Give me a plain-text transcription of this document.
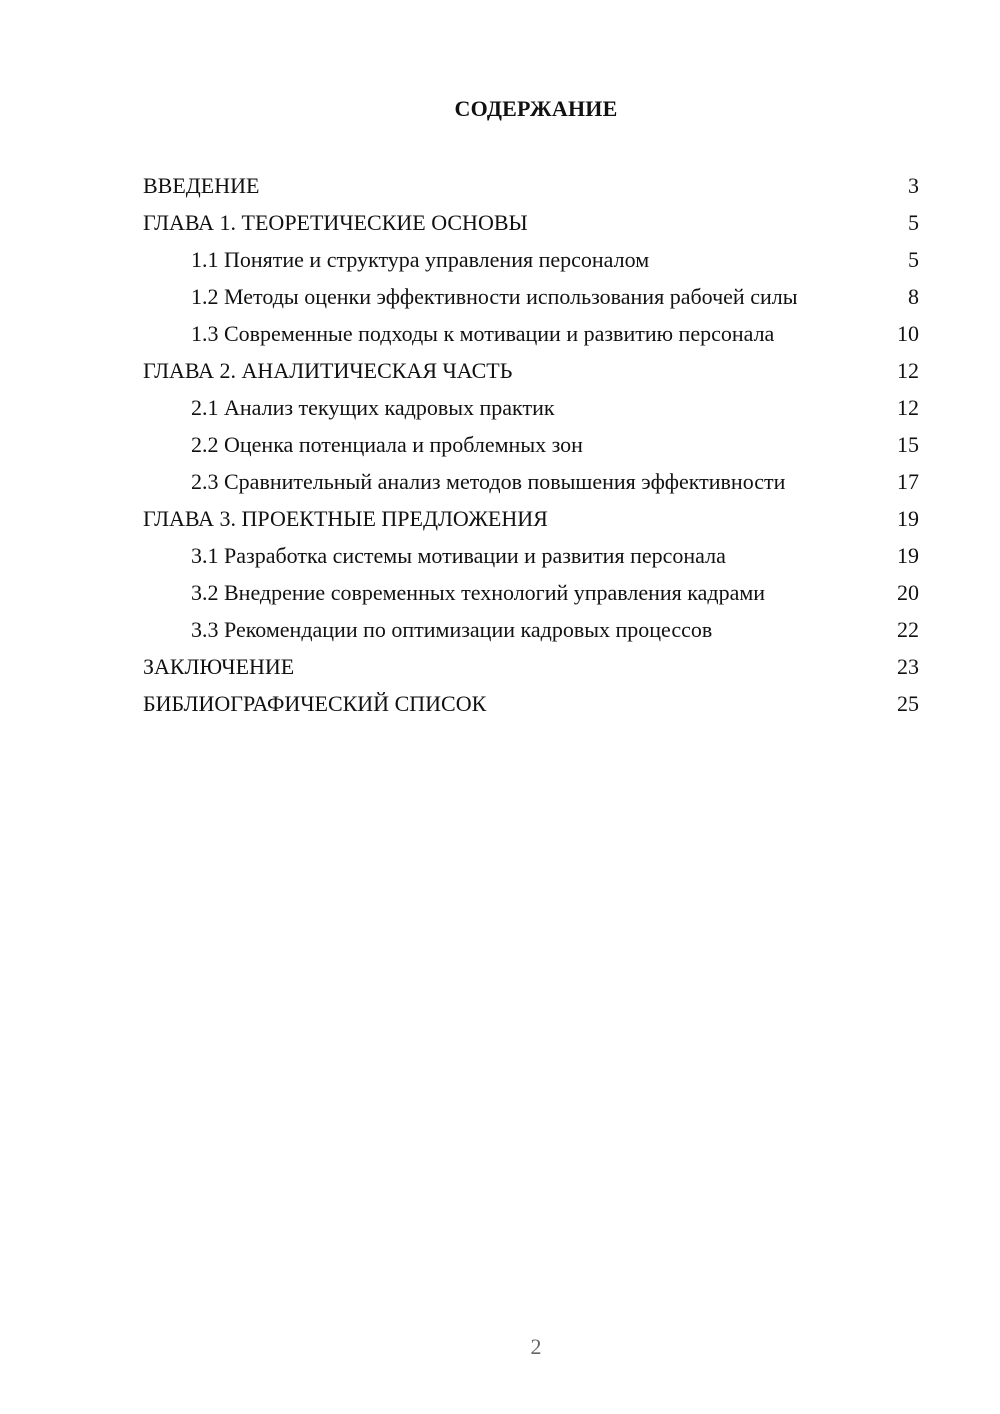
СОДЕРЖАНИЕ
ВВЕДЕНИЕ	3
ГЛАВА 1. ТЕОРЕТИЧЕСКИЕ ОСНОВЫ	5
1.1 Понятие и структура управления персоналом	5
1.2 Методы оценки эффективности использования рабочей силы	8
1.3 Современные подходы к мотивации и развитию персонала	10
ГЛАВА 2. АНАЛИТИЧЕСКАЯ ЧАСТЬ	12
2.1 Анализ текущих кадровых практик	12
2.2 Оценка потенциала и проблемных зон	15
2.3 Сравнительный анализ методов повышения эффективности	17
ГЛАВА 3. ПРОЕКТНЫЕ ПРЕДЛОЖЕНИЯ	19
3.1 Разработка системы мотивации и развития персонала	19
3.2 Внедрение современных технологий управления кадрами	20
3.3 Рекомендации по оптимизации кадровых процессов	22
ЗАКЛЮЧЕНИЕ	23
БИБЛИОГРАФИЧЕСКИЙ СПИСОК	25
2
